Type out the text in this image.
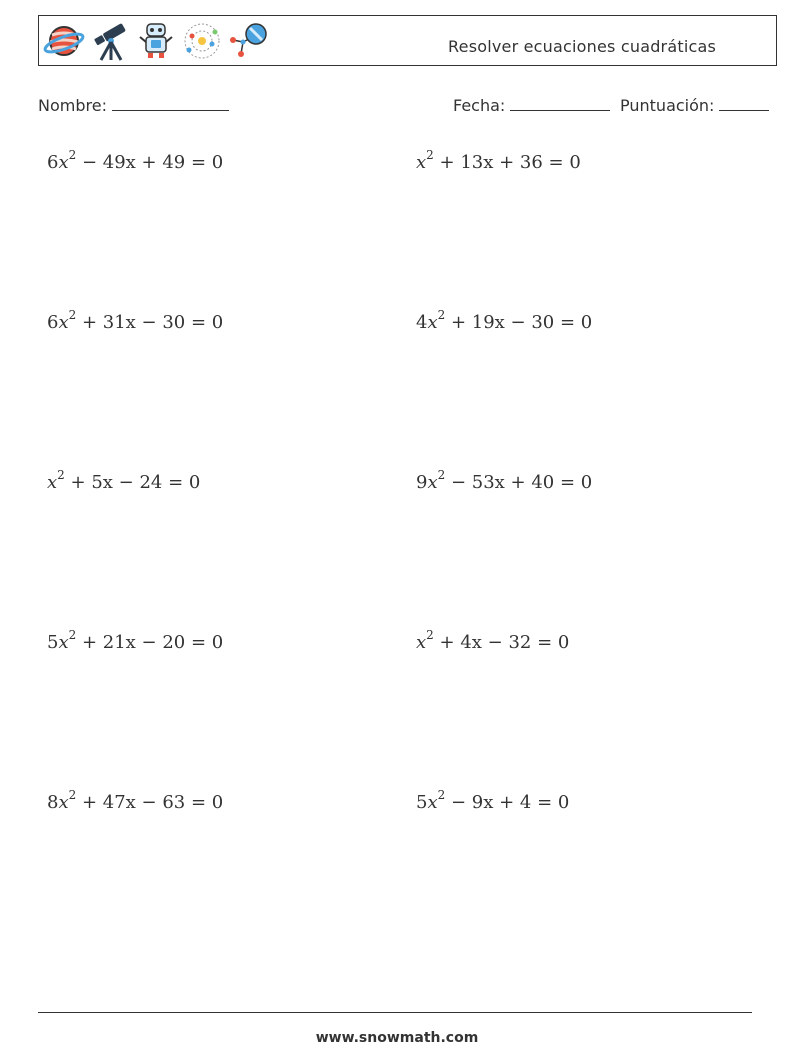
Resolver ecuaciones cuadráticas
Nombre:	Fecha:	Puntuación:
$6x^2 - 49x + 49 = 0$	$x^2 + 13x + 36 = 0$
$6x^2 + 31x - 30 = 0$	$4x^2 + 19x - 30 = 0$
$x^2 + 5x - 24 = 0$	$9x^2 - 53x + 40 = 0$
$5x^2 + 21x - 20 = 0$	$x^2 + 4x - 32 = 0$
$8x^2 + 47x - 63 = 0$	$5x^2 - 9x + 4 = 0$
www.snowmath.com
